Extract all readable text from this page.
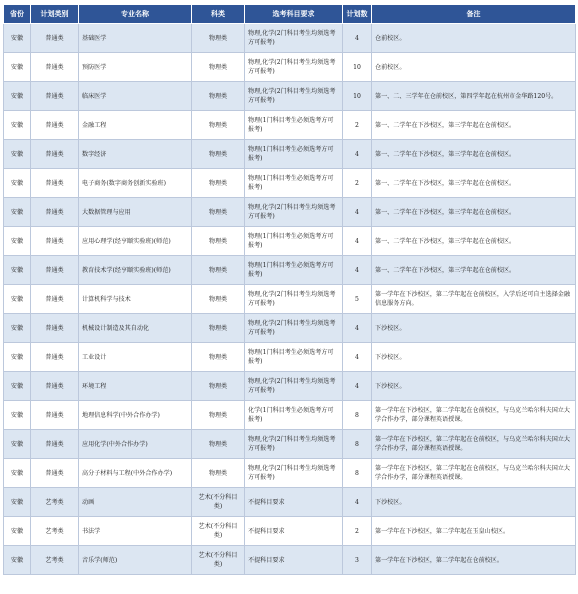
省份	计划类别	专业名称	科类	选考科目要求	计划数	备注
安徽	普通类	基础医学	物理类	物理,化学(2门科目考生均须选考方可报考)	4	仓前校区。
安徽	普通类	预防医学	物理类	物理,化学(2门科目考生均须选考方可报考)	10	仓前校区。
安徽	普通类	临床医学	物理类	物理,化学(2门科目考生均须选考方可报考)	10	第一、二、三学年在仓前校区，第四学年起在杭州市金华路120号。
安徽	普通类	金融工程	物理类	物理(1门科目考生必须选考方可报考)	2	第一、二学年在下沙校区，第三学年起在仓前校区。
安徽	普通类	数字经济	物理类	物理(1门科目考生必须选考方可报考)	4	第一、二学年在下沙校区，第三学年起在仓前校区。
安徽	普通类	电子商务(数字商务创新实验班)	物理类	物理(1门科目考生必须选考方可报考)	2	第一、二学年在下沙校区，第三学年起在仓前校区。
安徽	普通类	大数据管理与应用	物理类	物理,化学(2门科目考生均须选考方可报考)	4	第一、二学年在下沙校区，第三学年起在仓前校区。
安徽	普通类	应用心理学(经亨颐实验班)(师范)	物理类	物理(1门科目考生必须选考方可报考)	4	第一、二学年在下沙校区，第三学年起在仓前校区。
安徽	普通类	教育技术学(经亨颐实验班)(师范)	物理类	物理(1门科目考生必须选考方可报考)	4	第一、二学年在下沙校区，第三学年起在仓前校区。
安徽	普通类	计算机科学与技术	物理类	物理,化学(2门科目考生均须选考方可报考)	5	第一学年在下沙校区，第二学年起在仓前校区，入学后还可自主选择金融信息服务方向。
安徽	普通类	机械设计制造及其自动化	物理类	物理,化学(2门科目考生均须选考方可报考)	4	下沙校区。
安徽	普通类	工业设计	物理类	物理(1门科目考生必须选考方可报考)	4	下沙校区。
安徽	普通类	环境工程	物理类	物理,化学(2门科目考生均须选考方可报考)	4	下沙校区。
安徽	普通类	地理信息科学(中外合作办学)	物理类	化学(1门科目考生必须选考方可报考)	8	第一学年在下沙校区，第二学年起在仓前校区，与乌克兰哈尔科夫国立大学合作办学，部分课程英语授课。
安徽	普通类	应用化学(中外合作办学)	物理类	物理,化学(2门科目考生均须选考方可报考)	8	第一学年在下沙校区，第二学年起在仓前校区，与乌克兰哈尔科夫国立大学合作办学，部分课程英语授课。
安徽	普通类	高分子材料与工程(中外合作办学)	物理类	物理,化学(2门科目考生均须选考方可报考)	8	第一学年在下沙校区，第二学年起在仓前校区，与乌克兰哈尔科夫国立大学合作办学，部分课程英语授课。
安徽	艺考类	动画	艺术(不分科目类)	不提科目要求	4	下沙校区。
安徽	艺考类	书法学	艺术(不分科目类)	不提科目要求	2	第一学年在下沙校区，第二学年起在玉皇山校区。
安徽	艺考类	音乐学(师范)	艺术(不分科目类)	不提科目要求	3	第一学年在下沙校区，第二学年起在仓前校区。
